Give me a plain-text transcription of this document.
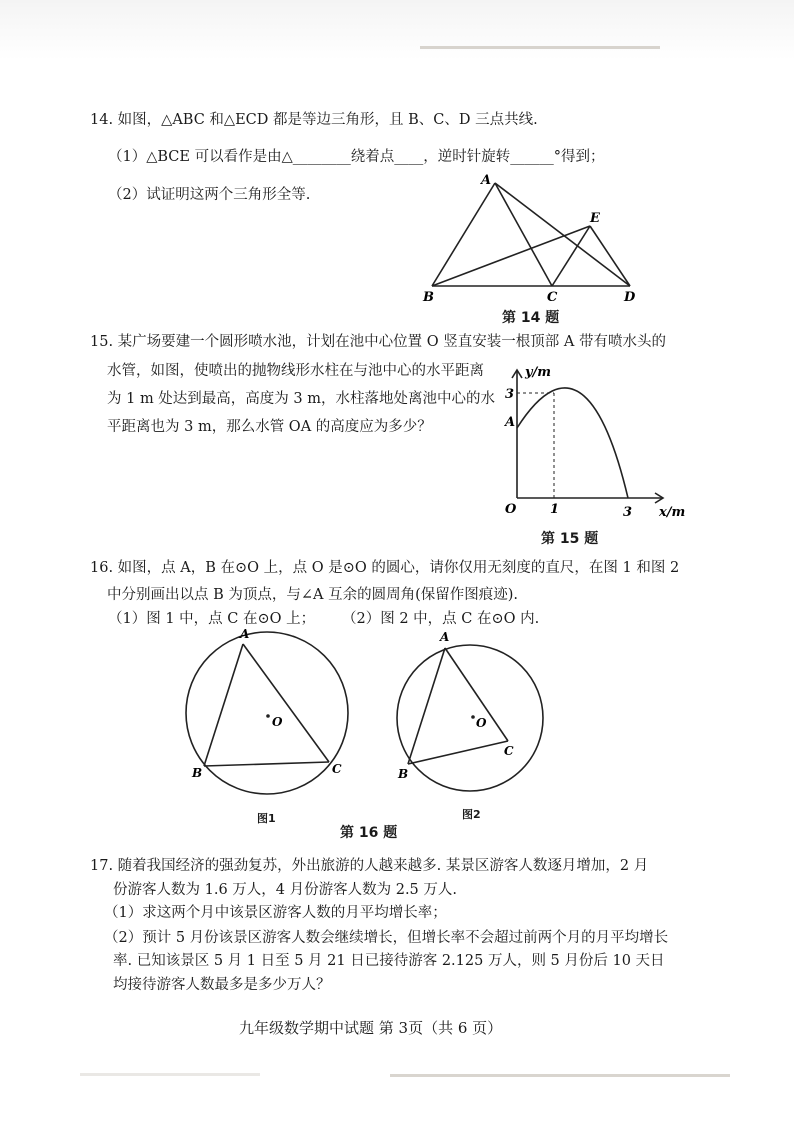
14. 如图，△ABC 和△ECD 都是等边三角形，且 B、C、D 三点共线.
（1）△BCE 可以看作是由△________绕着点____，逆时针旋转______°得到；
（2）试证明这两个三角形全等.
A
B	C	D
E
第 14 题
15. 某广场要建一个圆形喷水池，计划在池中心位置 O 竖直安装一根顶部 A 带有喷水头的
水管，如图，使喷出的抛物线形水柱在与池中心的水平距离
为 1 m 处达到最高，高度为 3 m，水柱落地处离池中心的水
平距离也为 3 m，那么水管 OA 的高度应为多少？
y/m
3
A
O	1	3 x/m
第 15 题
16. 如图，点 A，B 在⊙O 上，点 O 是⊙O 的圆心，请你仅用无刻度的直尺，在图 1 和图 2
中分别画出以点 B 为顶点，与∠A 互余的圆周角(保留作图痕迹).
（1）图 1 中，点 C 在⊙O 上； （2）图 2 中，点 C 在⊙O 内.
A
B	C
O
图1
A
B
C
O
图2
第 16 题
17. 随着我国经济的强劲复苏，外出旅游的人越来越多. 某景区游客人数逐月增加，2 月
份游客人数为 1.6 万人，4 月份游客人数为 2.5 万人.
（1）求这两个月中该景区游客人数的月平均增长率；
（2）预计 5 月份该景区游客人数会继续增长，但增长率不会超过前两个月的月平均增长
率. 已知该景区 5 月 1 日至 5 月 21 日已接待游客 2.125 万人，则 5 月份后 10 天日
均接待游客人数最多是多少万人？
九年级数学期中试题 第 3页（共 6 页）
